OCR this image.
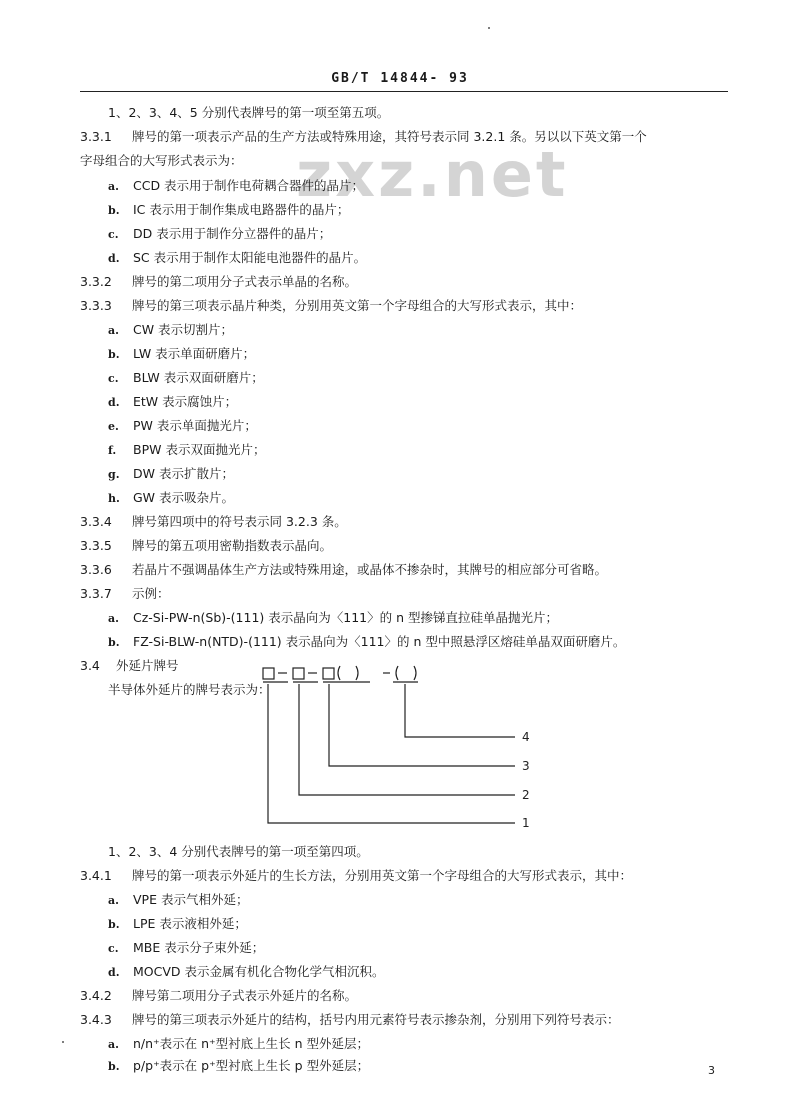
GB/T 14844- 93
zxz.net
1、2、3、4、5 分别代表牌号的第一项至第五项。
3.3.1 牌号的第一项表示产品的生产方法或特殊用途，其符号表示同 3.2.1 条。另以以下英文第一个
字母组合的大写形式表示为：
a. CCD 表示用于制作电荷耦合器件的晶片；
b. IC 表示用于制作集成电路器件的晶片；
c. DD 表示用于制作分立器件的晶片；
d. SC 表示用于制作太阳能电池器件的晶片。
3.3.2 牌号的第二项用分子式表示单晶的名称。
3.3.3 牌号的第三项表示晶片种类，分别用英文第一个字母组合的大写形式表示，其中：
a. CW 表示切割片；
b. LW 表示单面研磨片；
c. BLW 表示双面研磨片；
d. EtW 表示腐蚀片；
e. PW 表示单面抛光片；
f. BPW 表示双面抛光片；
g. DW 表示扩散片；
h. GW 表示吸杂片。
3.3.4 牌号第四项中的符号表示同 3.2.3 条。
3.3.5 牌号的第五项用密勒指数表示晶向。
3.3.6 若晶片不强调晶体生产方法或特殊用途，或晶体不掺杂时，其牌号的相应部分可省略。
3.3.7 示例：
a. Cz-Si-PW-n(Sb)-(111) 表示晶向为〈111〉的 n 型掺锑直拉硅单晶抛光片；
b. FZ-Si-BLW-n(NTD)-(111) 表示晶向为〈111〉的 n 型中照悬浮区熔硅单晶双面研磨片。
3.4 外延片牌号
半导体外延片的牌号表示为：
□-□-□( )-( )
4
3
2
1
1、2、3、4 分别代表牌号的第一项至第四项。
3.4.1 牌号的第一项表示外延片的生长方法，分别用英文第一个字母组合的大写形式表示，其中：
a. VPE 表示气相外延；
b. LPE 表示液相外延；
c. MBE 表示分子束外延；
d. MOCVD 表示金属有机化合物化学气相沉积。
3.4.2 牌号第二项用分子式表示外延片的名称。
3.4.3 牌号的第三项表示外延片的结构，括号内用元素符号表示掺杂剂，分别用下列符号表示：
a. n/n⁺表示在 n⁺型衬底上生长 n 型外延层；
b. p/p⁺表示在 p⁺型衬底上生长 p 型外延层；	3
